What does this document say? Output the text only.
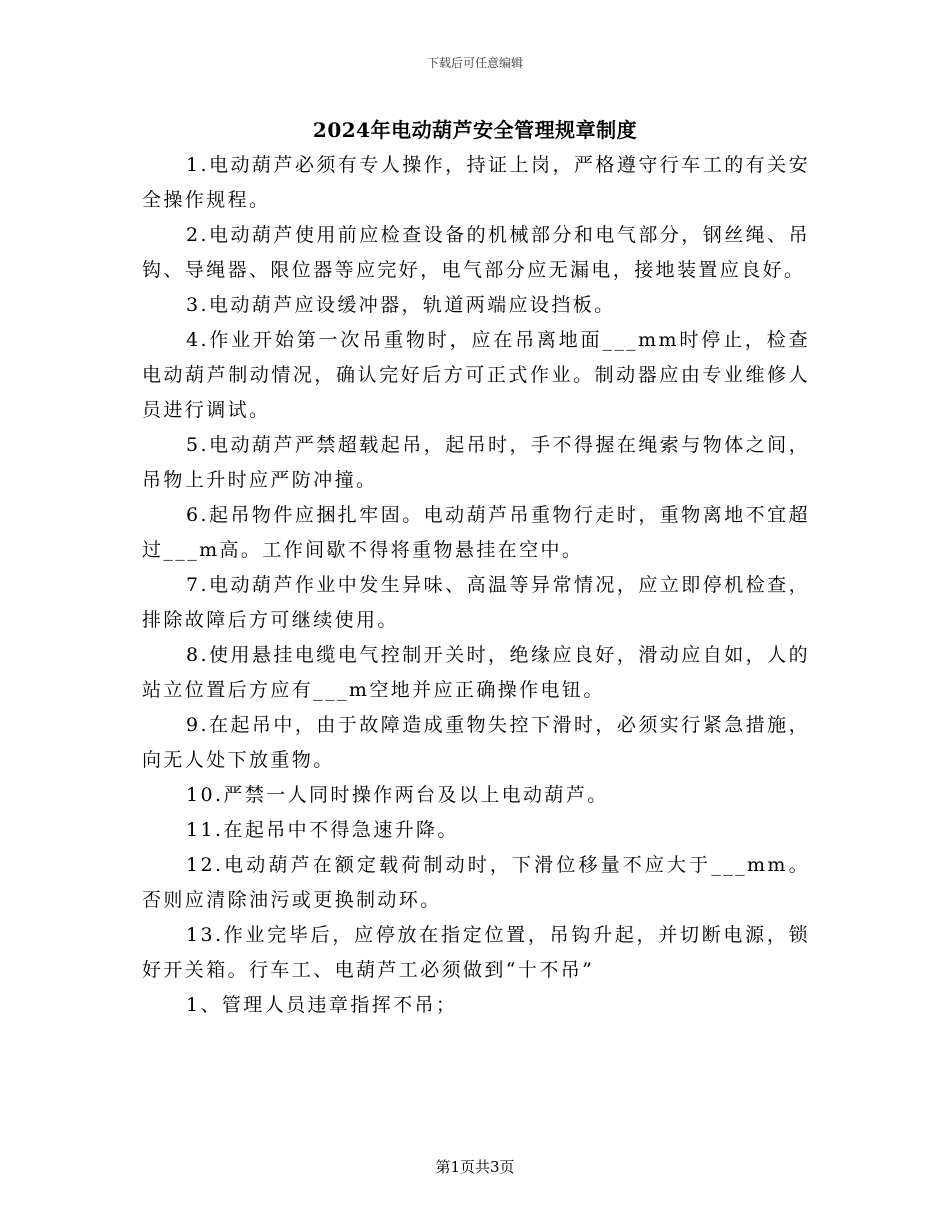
下载后可任意编辑
2024年电动葫芦安全管理规章制度

1.电动葫芦必须有专人操作，持证上岗，严格遵守行车工的有关安全操作规程。

2.电动葫芦使用前应检查设备的机械部分和电气部分，钢丝绳、吊钩、导绳器、限位器等应完好，电气部分应无漏电，接地装置应良好。

3.电动葫芦应设缓冲器，轨道两端应设挡板。

4.作业开始第一次吊重物时，应在吊离地面___mm时停止，检查电动葫芦制动情况，确认完好后方可正式作业。制动器应由专业维修人员进行调试。

5.电动葫芦严禁超载起吊，起吊时，手不得握在绳索与物体之间，吊物上升时应严防冲撞。

6.起吊物件应捆扎牢固。电动葫芦吊重物行走时，重物离地不宜超过___m高。工作间歇不得将重物悬挂在空中。

7.电动葫芦作业中发生异味、高温等异常情况，应立即停机检查，排除故障后方可继续使用。

8.使用悬挂电缆电气控制开关时，绝缘应良好，滑动应自如，人的站立位置后方应有___m空地并应正确操作电钮。

9.在起吊中，由于故障造成重物失控下滑时，必须实行紧急措施，向无人处下放重物。

10.严禁一人同时操作两台及以上电动葫芦。

11.在起吊中不得急速升降。

12.电动葫芦在额定载荷制动时，下滑位移量不应大于___mm。否则应清除油污或更换制动环。

13.作业完毕后，应停放在指定位置，吊钩升起，并切断电源，锁好开关箱。行车工、电葫芦工必须做到“十不吊”

1、管理人员违章指挥不吊；

第1页共3页
